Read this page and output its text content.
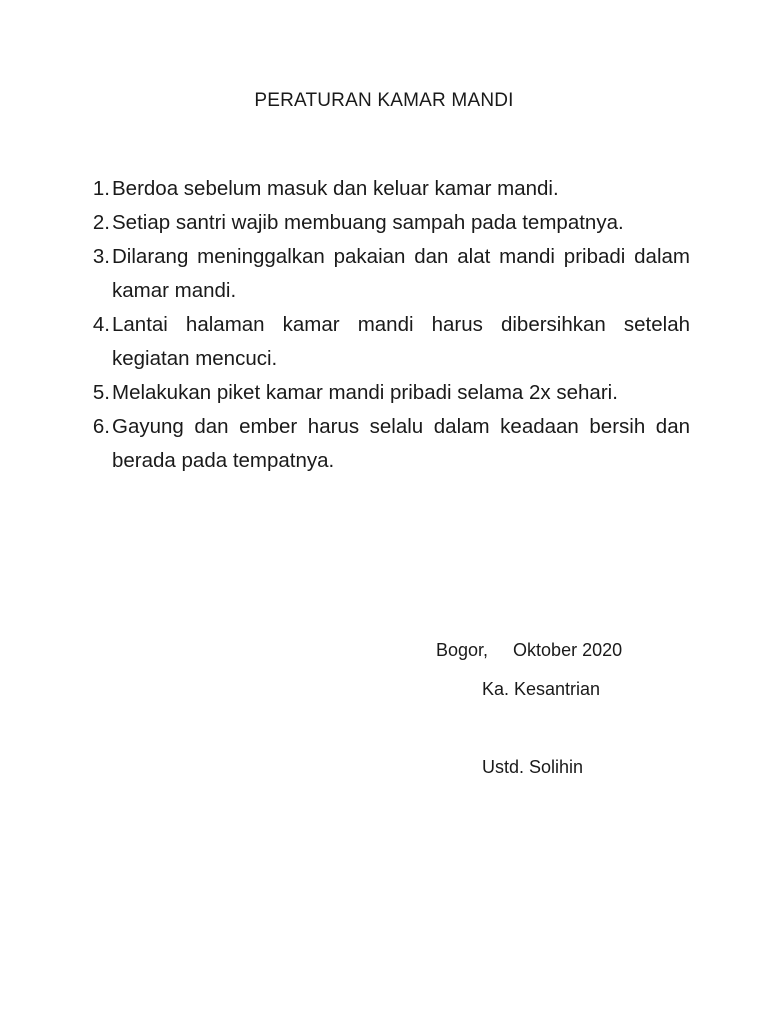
PERATURAN KAMAR MANDI
1. Berdoa sebelum masuk dan keluar kamar mandi.
2. Setiap santri wajib membuang sampah pada tempatnya.
3. Dilarang meninggalkan pakaian dan alat mandi pribadi dalam kamar mandi.
4. Lantai halaman kamar mandi harus dibersihkan setelah kegiatan mencuci.
5. Melakukan piket kamar mandi pribadi selama 2x sehari.
6. Gayung dan ember harus selalu dalam keadaan bersih dan berada pada tempatnya.

Bogor,     Oktober 2020

Ka. Kesantrian

Ustd. Solihin
